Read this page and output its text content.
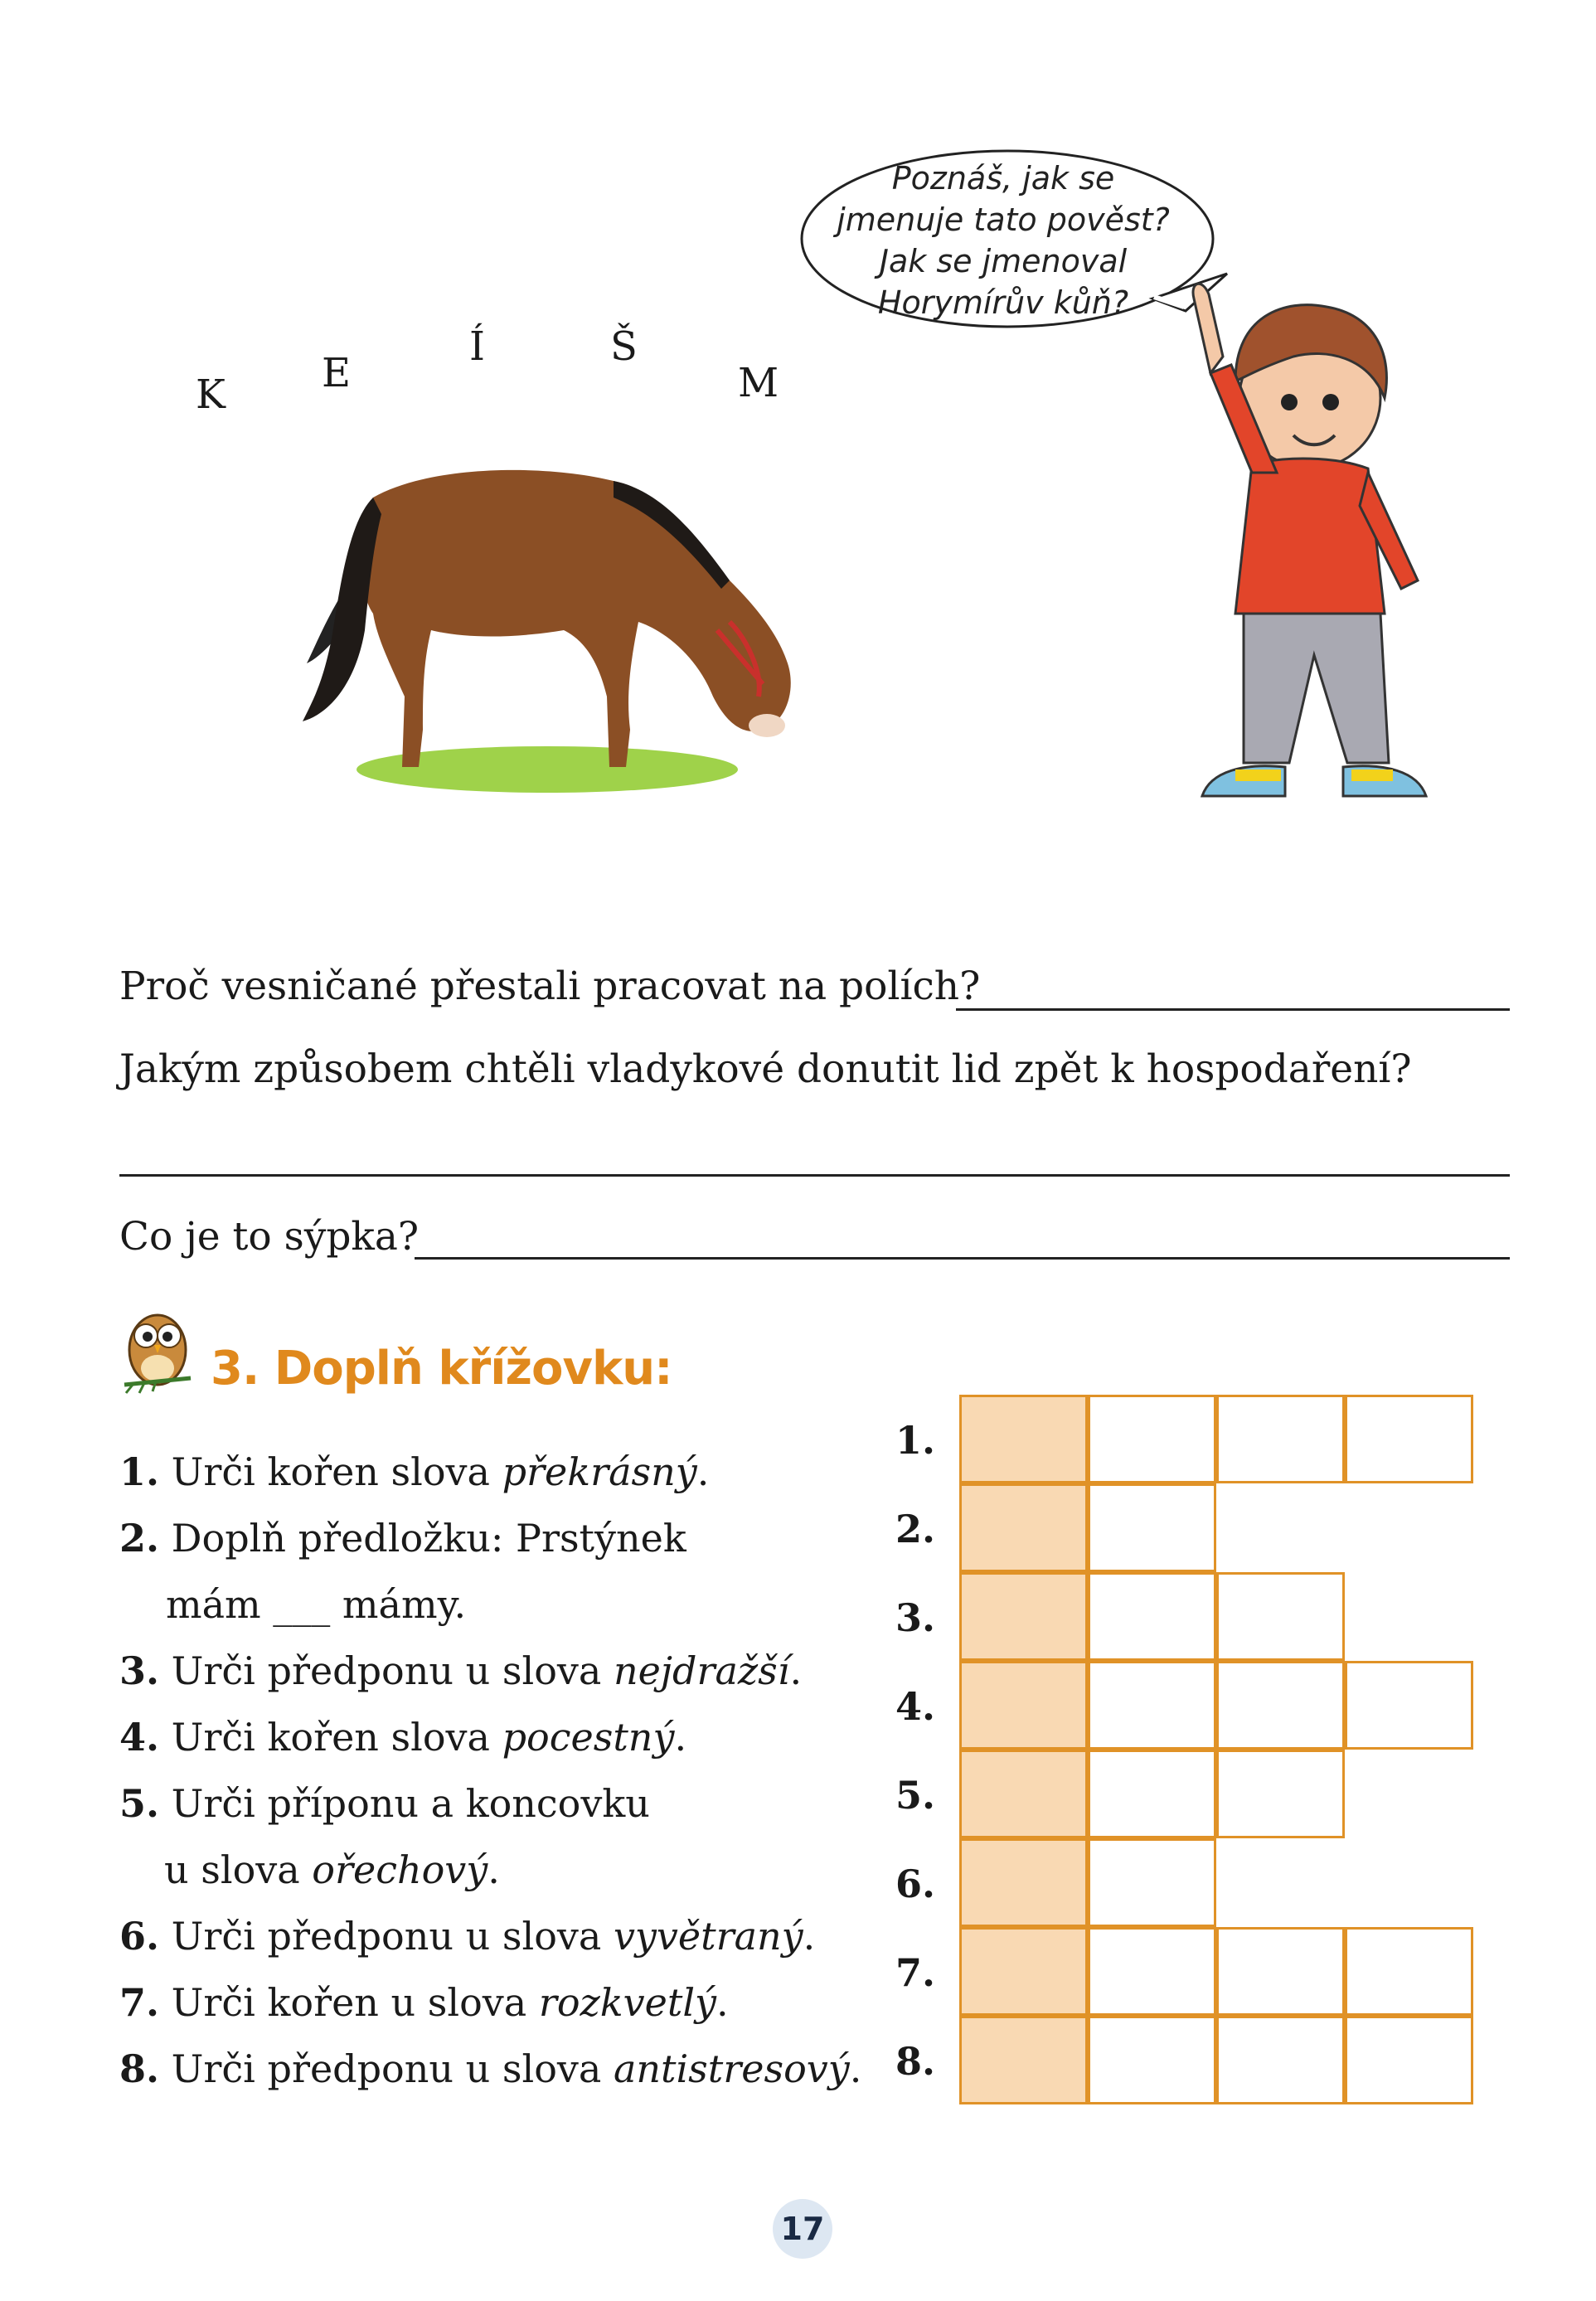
K E
Í	Š
M
Poznáš, jak se
jmenuje tato pověst?
Jak se jmenoval
Horymírův kůň?
Proč vesničané přestali pracovat na polích?
Jakým způsobem chtěli vladykové donutit lid zpět k hospodaření?
Co je to sýpka?
3. Doplň křížovku:
1. Urči kořen slova překrásný.
2. Doplň předložku: Prstýnek
mám ___ mámy.
3. Urči předponu u slova nejdražší.
4. Urči kořen slova pocestný.
5. Urči příponu a koncovku
u slova ořechový.
6. Urči předponu u slova vyvětraný.
7. Urči kořen u slova rozkvetlý.
8. Urči předponu u slova antistresový.
1.
2.
3.
4.
5.
6.
7.
8.
17
